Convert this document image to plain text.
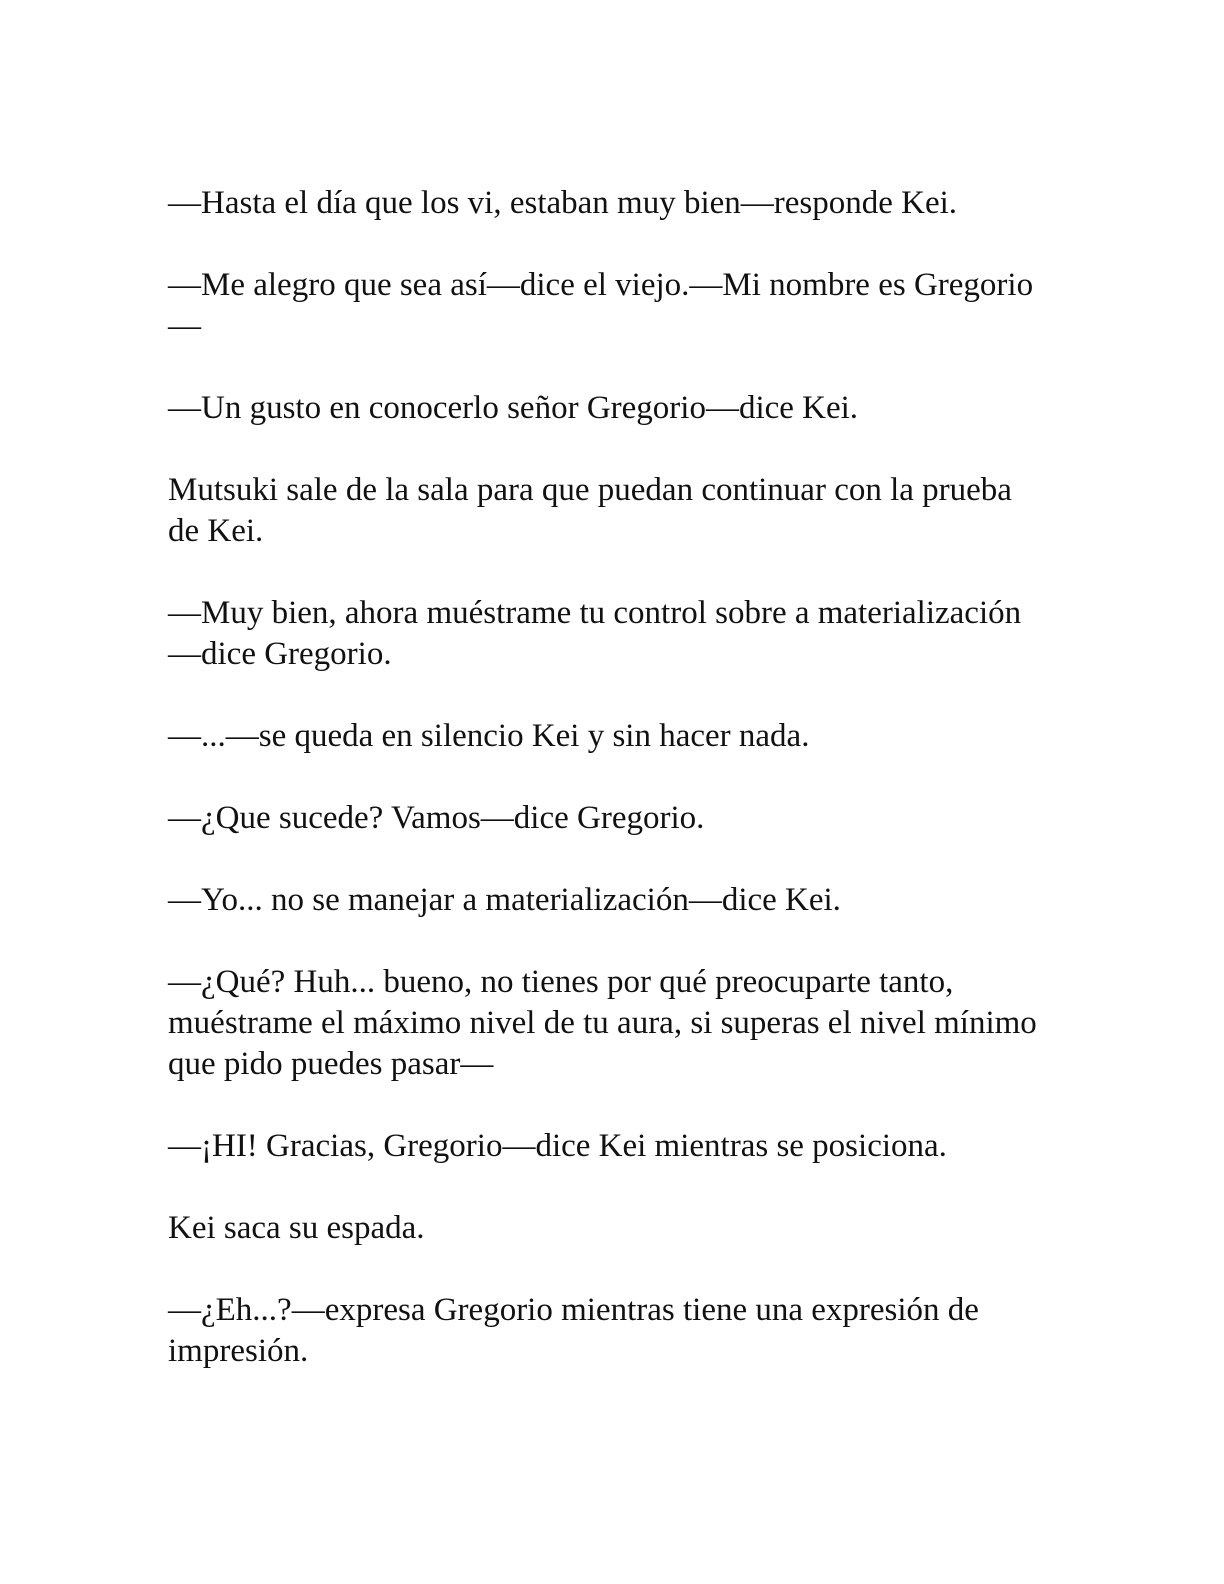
—Hasta el día que los vi, estaban muy bien—responde Kei.

—Me alegro que sea así—dice el viejo.—Mi nombre es Gregorio—

—Un gusto en conocerlo señor Gregorio—dice Kei.

Mutsuki sale de la sala para que puedan continuar con la prueba de Kei.

—Muy bien, ahora muéstrame tu control sobre a materialización—dice Gregorio.

—...—se queda en silencio Kei y sin hacer nada.

—¿Que sucede? Vamos—dice Gregorio.

—Yo... no se manejar a materialización—dice Kei.

—¿Qué? Huh... bueno, no tienes por qué preocuparte tanto, muéstrame el máximo nivel de tu aura, si superas el nivel mínimo que pido puedes pasar—

—¡HI! Gracias, Gregorio—dice Kei mientras se posiciona.

Kei saca su espada.

—¿Eh...?—expresa Gregorio mientras tiene una expresión de impresión.
